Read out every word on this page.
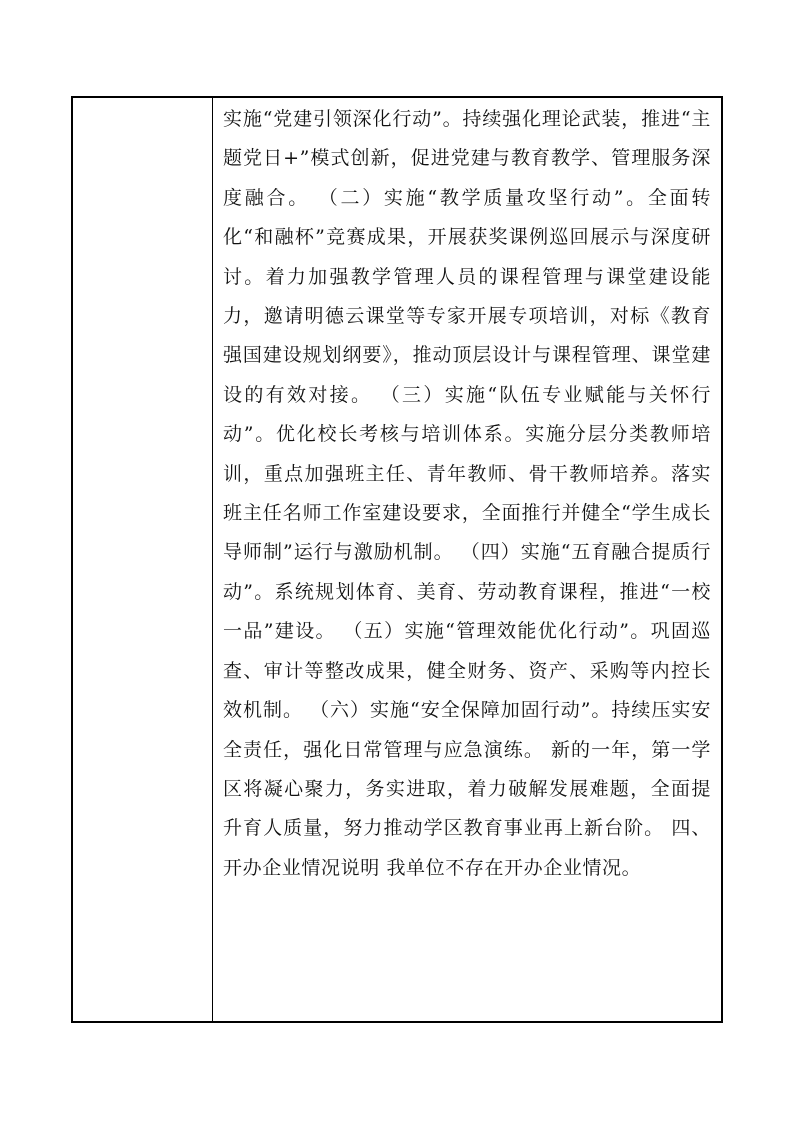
实施“党建引领深化行动”。持续强化理论武装，推进“主题党日+”模式创新，促进党建与教育教学、管理服务深度融合。 （二）实施“教学质量攻坚行动”。全面转化“和融杯”竞赛成果，开展获奖课例巡回展示与深度研讨。着力加强教学管理人员的课程管理与课堂建设能力，邀请明德云课堂等专家开展专项培训，对标《教育强国建设规划纲要》，推动顶层设计与课程管理、课堂建设的有效对接。 （三）实施“队伍专业赋能与关怀行动”。优化校长考核与培训体系。实施分层分类教师培训，重点加强班主任、青年教师、骨干教师培养。落实班主任名师工作室建设要求，全面推行并健全“学生成长导师制”运行与激励机制。 （四）实施“五育融合提质行动”。系统规划体育、美育、劳动教育课程，推进“一校一品”建设。 （五）实施“管理效能优化行动”。巩固巡查、审计等整改成果，健全财务、资产、采购等内控长效机制。 （六）实施“安全保障加固行动”。持续压实安全责任，强化日常管理与应急演练。 新的一年，第一学区将凝心聚力，务实进取，着力破解发展难题，全面提升育人质量，努力推动学区教育事业再上新台阶。 四、开办企业情况说明 我单位不存在开办企业情况。
